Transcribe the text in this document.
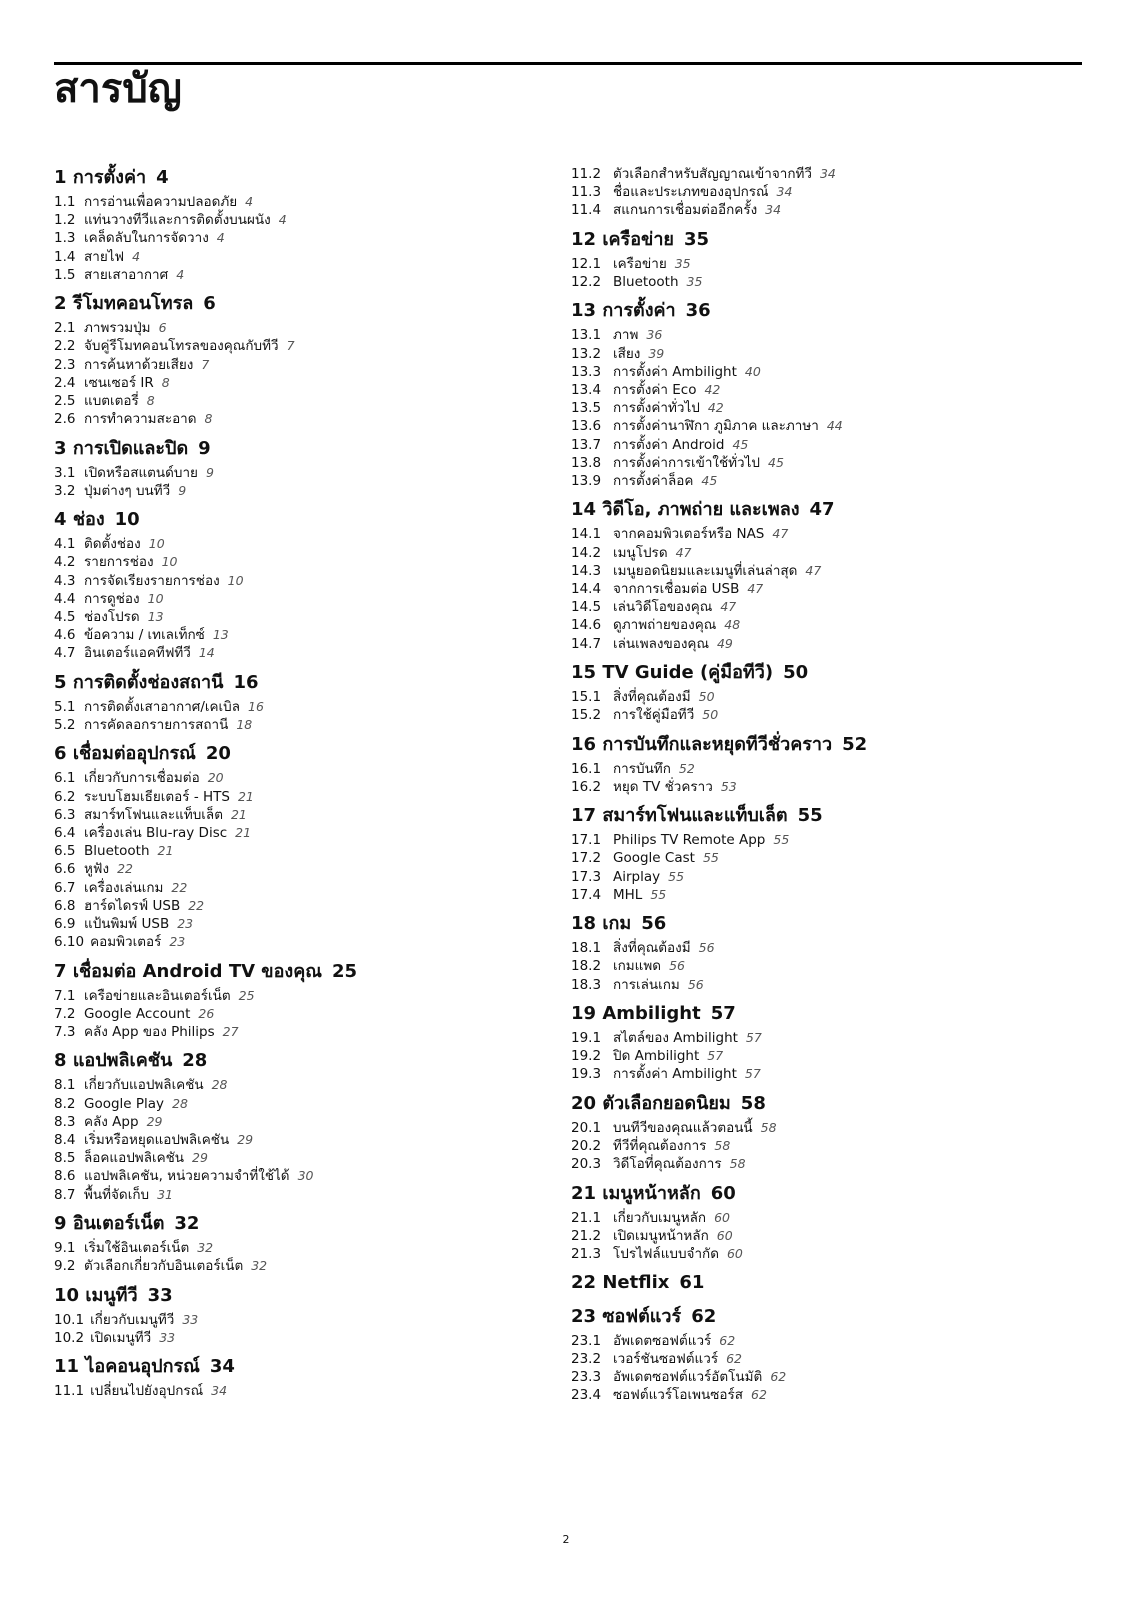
สารบัญ
1 การตั้งค่า 4
1.1 การอ่านเพื่อความปลอดภัย 4
1.2 แท่นวางทีวีและการติดตั้งบนผนัง 4
1.3 เคล็ดลับในการจัดวาง 4
1.4 สายไฟ 4
1.5 สายเสาอากาศ 4
2 รีโมทคอนโทรล 6
2.1 ภาพรวมปุ่ม 6
2.2 จับคู่รีโมทคอนโทรลของคุณกับทีวี 7
2.3 การค้นหาด้วยเสียง 7
2.4 เซนเซอร์ IR 8
2.5 แบตเตอรี่ 8
2.6 การทำความสะอาด 8
3 การเปิดและปิด 9
3.1 เปิดหรือสแตนด์บาย 9
3.2 ปุ่มต่างๆ บนทีวี 9
4 ช่อง 10
4.1 ติดตั้งช่อง 10
4.2 รายการช่อง 10
4.3 การจัดเรียงรายการช่อง 10
4.4 การดูช่อง 10
4.5 ช่องโปรด 13
4.6 ข้อความ / เทเลเท็กซ์ 13
4.7 อินเตอร์แอคทีฟทีวี 14
5 การติดตั้งช่องสถานี 16
5.1 การติดตั้งเสาอากาศ/เคเบิล 16
5.2 การคัดลอกรายการสถานี 18
6 เชื่อมต่ออุปกรณ์ 20
6.1 เกี่ยวกับการเชื่อมต่อ 20
6.2 ระบบโฮมเธียเตอร์ - HTS 21
6.3 สมาร์ทโฟนและแท็บเล็ต 21
6.4 เครื่องเล่น Blu-ray Disc 21
6.5 Bluetooth 21
6.6 หูฟัง 22
6.7 เครื่องเล่นเกม 22
6.8 ฮาร์ดไดรฟ์ USB 22
6.9 แป้นพิมพ์ USB 23
6.10 คอมพิวเตอร์ 23
7 เชื่อมต่อ Android TV ของคุณ 25
7.1 เครือข่ายและอินเตอร์เน็ต 25
7.2 Google Account 26
7.3 คลัง App ของ Philips 27
8 แอปพลิเคชัน 28
8.1 เกี่ยวกับแอปพลิเคชัน 28
8.2 Google Play 28
8.3 คลัง App 29
8.4 เริ่มหรือหยุดแอปพลิเคชัน 29
8.5 ล็อคแอปพลิเคชัน 29
8.6 แอปพลิเคชัน, หน่วยความจำที่ใช้ได้ 30
8.7 พื้นที่จัดเก็บ 31
9 อินเตอร์เน็ต 32
9.1 เริ่มใช้อินเตอร์เน็ต 32
9.2 ตัวเลือกเกี่ยวกับอินเตอร์เน็ต 32
10 เมนูทีวี 33
10.1 เกี่ยวกับเมนูทีวี 33
10.2 เปิดเมนูทีวี 33
11 ไอคอนอุปกรณ์ 34
11.1 เปลี่ยนไปยังอุปกรณ์ 34
11.2 ตัวเลือกสำหรับสัญญาณเข้าจากทีวี 34
11.3 ชื่อและประเภทของอุปกรณ์ 34
11.4 สแกนการเชื่อมต่ออีกครั้ง 34
12 เครือข่าย 35
12.1 เครือข่าย 35
12.2 Bluetooth 35
13 การตั้งค่า 36
13.1 ภาพ 36
13.2 เสียง 39
13.3 การตั้งค่า Ambilight 40
13.4 การตั้งค่า Eco 42
13.5 การตั้งค่าทั่วไป 42
13.6 การตั้งค่านาฬิกา ภูมิภาค และภาษา 44
13.7 การตั้งค่า Android 45
13.8 การตั้งค่าการเข้าใช้ทั่วไป 45
13.9 การตั้งค่าล็อค 45
14 วิดีโอ, ภาพถ่าย และเพลง 47
14.1 จากคอมพิวเตอร์หรือ NAS 47
14.2 เมนูโปรด 47
14.3 เมนูยอดนิยมและเมนูที่เล่นล่าสุด 47
14.4 จากการเชื่อมต่อ USB 47
14.5 เล่นวิดีโอของคุณ 47
14.6 ดูภาพถ่ายของคุณ 48
14.7 เล่นเพลงของคุณ 49
15 TV Guide (คู่มือทีวี) 50
15.1 สิ่งที่คุณต้องมี 50
15.2 การใช้คู่มือทีวี 50
16 การบันทึกและหยุดทีวีชั่วคราว 52
16.1 การบันทึก 52
16.2 หยุด TV ชั่วคราว 53
17 สมาร์ทโฟนและแท็บเล็ต 55
17.1 Philips TV Remote App 55
17.2 Google Cast 55
17.3 Airplay 55
17.4 MHL 55
18 เกม 56
18.1 สิ่งที่คุณต้องมี 56
18.2 เกมแพด 56
18.3 การเล่นเกม 56
19 Ambilight 57
19.1 สไตล์ของ Ambilight 57
19.2 ปิด Ambilight 57
19.3 การตั้งค่า Ambilight 57
20 ตัวเลือกยอดนิยม 58
20.1 บนทีวีของคุณแล้วตอนนี้ 58
20.2 ทีวีที่คุณต้องการ 58
20.3 วิดีโอที่คุณต้องการ 58
21 เมนูหน้าหลัก 60
21.1 เกี่ยวกับเมนูหลัก 60
21.2 เปิดเมนูหน้าหลัก 60
21.3 โปรไฟล์แบบจำกัด 60
22 Netflix 61
23 ซอฟต์แวร์ 62
23.1 อัพเดตซอฟต์แวร์ 62
23.2 เวอร์ชันซอฟต์แวร์ 62
23.3 อัพเดตซอฟต์แวร์อัตโนมัติ 62
23.4 ซอฟต์แวร์โอเพนซอร์ส 62
2
